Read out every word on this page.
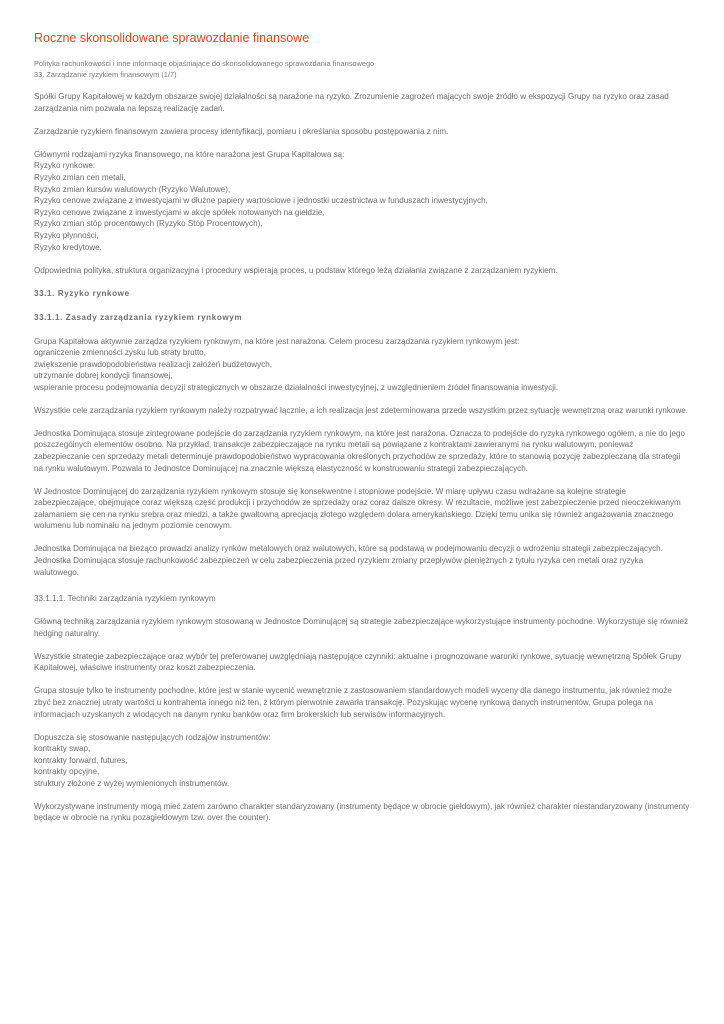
Roczne skonsolidowane sprawozdanie finansowe
Polityka rachunkowości i inne informacje objaśniające do skonsolidowanego sprawozdania finansowego
33. Zarządzanie ryzykiem finansowym (1/7)

Spółki Grupy Kapitałowej w każdym obszarze swojej działalności są narażone na ryzyko. Zrozumienie zagrożeń mających swoje źródło w ekspozycji Grupy na ryzyko oraz zasad zarządzania nim pozwala na lepszą realizację zadań.

Zarządzanie ryzykiem finansowym zawiera procesy identyfikacji, pomiaru i określania sposobu postępowania z nim.

Głównymi rodzajami ryzyka finansowego, na które narażona jest Grupa Kapitałowa są:
Ryzyko rynkowe:
Ryzyko zmian cen metali,
Ryzyko zmian kursów walutowych (Ryzyko Walutowe),
Ryzyko cenowe związane z inwestycjami w dłużne papiery wartościowe i jednostki uczestnictwa w funduszach inwestycyjnych,
Ryzyko cenowe związane z inwestycjami w akcje spółek notowanych na giełdzie,
Ryzyko zmian stóp procentowych (Ryzyko Stóp Procentowych),
Ryzyko płynności,
Ryzyko kredytowe.

Odpowiednia polityka, struktura organizacyjna i procedury wspierają proces, u podstaw którego leżą działania związane z zarządzaniem ryzykiem.

33.1. Ryzyko rynkowe
33.1.1. Zasady zarządzania ryzykiem rynkowym

Grupa Kapitałowa aktywnie zarządza ryzykiem rynkowym, na które jest narażona. Celem procesu zarządzania ryzykiem rynkowym jest:
ograniczenie zmienności zysku lub straty brutto,
zwiększenie prawdopodobieństwa realizacji założeń budżetowych,
utrzymanie dobrej kondycji finansowej,
wspieranie procesu podejmowania decyzji strategicznych w obszarze działalności inwestycyjnej, z uwzględnieniem źródeł finansowania inwestycji.

Wszystkie cele zarządzania ryzykiem rynkowym należy rozpatrywać łącznie, a ich realizacja jest zdeterminowana przede wszystkim przez sytuację wewnętrzną oraz warunki rynkowe.

Jednostka Dominująca stosuje zintegrowane podejście do zarządzania ryzykiem rynkowym, na które jest narażona. Oznacza to podejście do ryzyka rynkowego ogółem, a nie do jego poszczególnych elementów osobno. Na przykład, transakcje zabezpieczające na rynku metali są powiązane z kontraktami zawieranymi na rynku walutowym, ponieważ zabezpieczanie cen sprzedaży metali determinuje prawdopodobieństwo wypracowania określonych przychodów ze sprzedaży, które to stanowią pozycję zabezpieczaną dla strategii na rynku walutowym. Pozwala to Jednostce Dominującej na znacznie większą elastyczność w konstruowaniu strategii zabezpieczających.

W Jednostce Dominującej do zarządzania ryzykiem rynkowym stosuje się konsekwentne i stopniowe podejście. W miarę upływu czasu wdrażane są kolejne strategie zabezpieczające, obejmujące coraz większą część produkcji i przychodów ze sprzedaży oraz coraz dalsze okresy. W rezultacie, możliwe jest zabezpieczenie przed nieoczekiwanym załamaniem się cen na rynku srebra oraz miedzi, a także gwałtowną aprecjacją złotego względem dolara amerykańskiego. Dzięki temu unika się również angażowania znacznego wolumenu lub nominału na jednym poziomie cenowym.

Jednostka Dominująca na bieżąco prowadzi analizy rynków metalowych oraz walutowych, które są podstawą w podejmowaniu decyzji o wdrożeniu strategii zabezpieczających. Jednostka Dominująca stosuje rachunkowość zabezpieczeń w celu zabezpieczenia przed ryzykiem zmiany przepływów pieniężnych z tytułu ryzyka cen metali oraz ryzyka walutowego.

33.1.1.1. Techniki zarządzania ryzykiem rynkowym

Główną techniką zarządzania ryzykiem rynkowym stosowaną w Jednostce Dominującej są strategie zabezpieczające wykorzystujące instrumenty pochodne. Wykorzystuje się również hedging naturalny.

Wszystkie strategie zabezpieczające oraz wybór tej preferowanej uwzględniają następujące czynniki: aktualne i prognozowane warunki rynkowe, sytuację wewnętrzną Spółek Grupy Kapitałowej, właściwe instrumenty oraz koszt zabezpieczenia.

Grupa stosuje tylko te instrumenty pochodne, które jest w stanie wycenić wewnętrznie z zastosowaniem standardowych modeli wyceny dla danego instrumentu, jak również może zbyć bez znacznej utraty wartości u kontrahenta innego niż ten, z którym pierwotnie zawarła transakcję. Pozyskując wycenę rynkową danych instrumentów, Grupa polega na informacjach uzyskanych z wiodących na danym rynku banków oraz firm brokerskich lub serwisów informacyjnych.

Dopuszcza się stosowanie następujących rodzajów instrumentów:
kontrakty swap,
kontrakty forward, futures,
kontrakty opcyjne,
struktury złożone z wyżej wymienionych instrumentów.

Wykorzystywane instrumenty mogą mieć zatem zarówno charakter standaryzowany (instrumenty będące w obrocie giełdowym), jak również charakter niestandaryzowany (instrumenty będące w obrocie na rynku pozagiełdowym tzw. over the counter).
